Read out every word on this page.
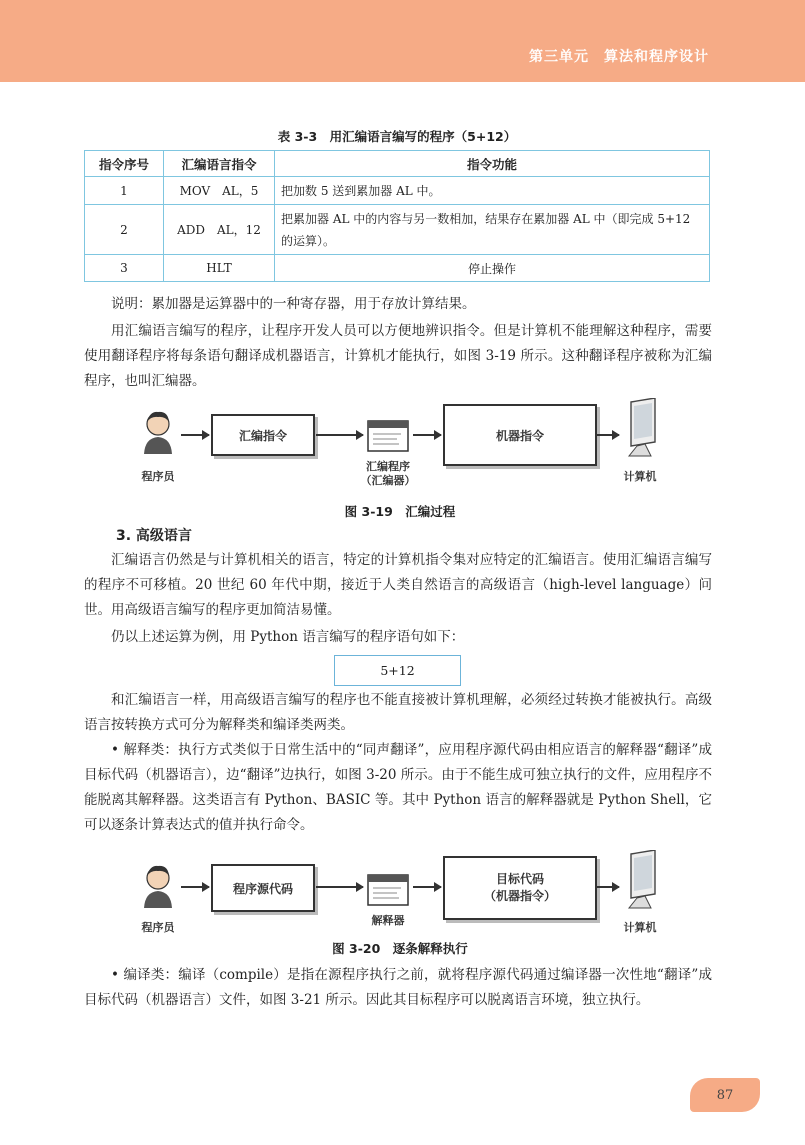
第三单元　算法和程序设计
表 3-3　用汇编语言编写的程序（5+12）
指令序号	汇编语言指令	指令功能
1	MOV　AL，5	把加数 5 送到累加器 AL 中。
2	ADD　AL，12	把累加器 AL 中的内容与另一数相加，结果存在累加器 AL 中（即完成 5+12 的运算）。
3	HLT	停止操作
说明：累加器是运算器中的一种寄存器，用于存放计算结果。
用汇编语言编写的程序，让程序开发人员可以方便地辨识指令。但是计算机不能理解这种程序，需要使用翻译程序将每条语句翻译成机器语言，计算机才能执行，如图 3-19 所示。这种翻译程序被称为汇编程序，也叫汇编器。
程序员
汇编指令
汇编程序
（汇编器）
机器指令
计算机
图 3-19　汇编过程
3. 高级语言
汇编语言仍然是与计算机相关的语言，特定的计算机指令集对应特定的汇编语言。使用汇编语言编写的程序不可移植。20 世纪 60 年代中期，接近于人类自然语言的高级语言（high-level language）问世。用高级语言编写的程序更加简洁易懂。
仍以上述运算为例，用 Python 语言编写的程序语句如下：
5+12
和汇编语言一样，用高级语言编写的程序也不能直接被计算机理解，必须经过转换才能被执行。高级语言按转换方式可分为解释类和编译类两类。
• 解释类：执行方式类似于日常生活中的“同声翻译”，应用程序源代码由相应语言的解释器“翻译”成目标代码（机器语言），边“翻译”边执行，如图 3-20 所示。由于不能生成可独立执行的文件，应用程序不能脱离其解释器。这类语言有 Python、BASIC 等。其中 Python 语言的解释器就是 Python Shell，它可以逐条计算表达式的值并执行命令。
程序员
程序源代码
解释器
目标代码
（机器指令）
计算机
图 3-20　逐条解释执行
• 编译类：编译（compile）是指在源程序执行之前，就将程序源代码通过编译器一次性地“翻译”成目标代码（机器语言）文件，如图 3-21 所示。因此其目标程序可以脱离语言环境，独立执行。
87
